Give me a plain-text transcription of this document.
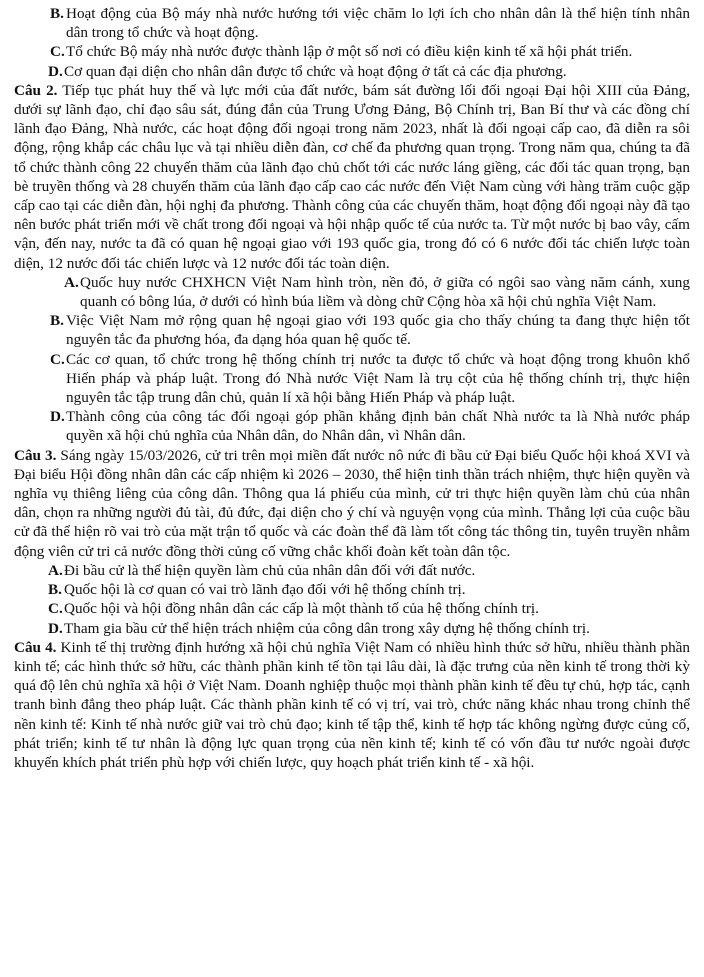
B. Hoạt động của Bộ máy nhà nước hướng tới việc chăm lo lợi ích cho nhân dân là thể hiện tính nhân dân trong tổ chức và hoạt động.
C. Tổ chức Bộ máy nhà nước được thành lập ở một số nơi có điều kiện kinh tế xã hội phát triển.
D. Cơ quan đại diện cho nhân dân được tổ chức và hoạt động ở tất cả các địa phương.

Câu 2. Tiếp tục phát huy thế và lực mới của đất nước, bám sát đường lối đối ngoại Đại hội XIII của Đảng, dưới sự lãnh đạo, chỉ đạo sâu sát, đúng đắn của Trung Ương Đảng, Bộ Chính trị, Ban Bí thư và các đồng chí lãnh đạo Đảng, Nhà nước, các hoạt động đối ngoại trong năm 2023, nhất là đối ngoại cấp cao, đã diễn ra sôi động, rộng khắp các châu lục và tại nhiều diễn đàn, cơ chế đa phương quan trọng. Trong năm qua, chúng ta đã tổ chức thành công 22 chuyến thăm của lãnh đạo chủ chốt tới các nước láng giềng, các đối tác quan trọng, bạn bè truyền thống và 28 chuyến thăm của lãnh đạo cấp cao các nước đến Việt Nam cùng với hàng trăm cuộc gặp cấp cao tại các diễn đàn, hội nghị đa phương. Thành công của các chuyến thăm, hoạt động đối ngoại này đã tạo nên bước phát triển mới về chất trong đối ngoại và hội nhập quốc tế của nước ta. Từ một nước bị bao vây, cấm vận, đến nay, nước ta đã có quan hệ ngoại giao với 193 quốc gia, trong đó có 6 nước đối tác chiến lược toàn diện, 12 nước đối tác chiến lược và 12 nước đối tác toàn diện.

A. Quốc huy nước CHXHCN Việt Nam hình tròn, nền đỏ, ở giữa có ngôi sao vàng năm cánh, xung quanh có bông lúa, ở dưới có hình búa liềm và dòng chữ Cộng hòa xã hội chủ nghĩa Việt Nam.
B. Việc Việt Nam mở rộng quan hệ ngoại giao với 193 quốc gia cho thấy chúng ta đang thực hiện tốt nguyên tắc đa phương hóa, đa dạng hóa quan hệ quốc tế.
C. Các cơ quan, tổ chức trong hệ thống chính trị nước ta được tổ chức và hoạt động trong khuôn khổ Hiến pháp và pháp luật. Trong đó Nhà nước Việt Nam là trụ cột của hệ thống chính trị, thực hiện nguyên tắc tập trung dân chủ, quản lí xã hội bằng Hiến Pháp và pháp luật.
D. Thành công của công tác đối ngoại góp phần khẳng định bản chất Nhà nước ta là Nhà nước pháp quyền xã hội chủ nghĩa của Nhân dân, do Nhân dân, vì Nhân dân.

Câu 3. Sáng ngày 15/03/2026, cử tri trên mọi miền đất nước nô nức đi bầu cử Đại biểu Quốc hội khoá XVI và Đại biểu Hội đồng nhân dân các cấp nhiệm kì 2026 – 2030, thể hiện tinh thần trách nhiệm, thực hiện quyền và nghĩa vụ thiêng liêng của công dân. Thông qua lá phiếu của mình, cử tri thực hiện quyền làm chủ của nhân dân, chọn ra những người đủ tài, đủ đức, đại diện cho ý chí và nguyện vọng của mình. Thắng lợi của cuộc bầu cử đã thể hiện rõ vai trò của mặt trận tổ quốc và các đoàn thể đã làm tốt công tác thông tin, tuyên truyền nhằm động viên cử tri cả nước đồng thời củng cố vững chắc khối đoàn kết toàn dân tộc.

A. Đi bầu cử là thể hiện quyền làm chủ của nhân dân đối với đất nước.
B. Quốc hội là cơ quan có vai trò lãnh đạo đối với hệ thống chính trị.
C. Quốc hội và hội đồng nhân dân các cấp là một thành tố của hệ thống chính trị.
D. Tham gia bầu cử thể hiện trách nhiệm của công dân trong xây dựng hệ thống chính trị.

Câu 4. Kinh tế thị trường định hướng xã hội chủ nghĩa Việt Nam có nhiều hình thức sở hữu, nhiều thành phần kinh tế; các hình thức sở hữu, các thành phần kinh tế tồn tại lâu dài, là đặc trưng của nền kinh tế trong thời kỳ quá độ lên chủ nghĩa xã hội ở Việt Nam. Doanh nghiệp thuộc mọi thành phần kinh tế đều tự chủ, hợp tác, cạnh tranh bình đẳng theo pháp luật. Các thành phần kinh tế có vị trí, vai trò, chức năng khác nhau trong chỉnh thể nền kinh tế: Kinh tế nhà nước giữ vai trò chủ đạo; kinh tế tập thể, kinh tế hợp tác không ngừng được củng cố, phát triển; kinh tế tư nhân là động lực quan trọng của nền kinh tế; kinh tế có vốn đầu tư nước ngoài được khuyến khích phát triển phù hợp với chiến lược, quy hoạch phát triển kinh tế - xã hội.
